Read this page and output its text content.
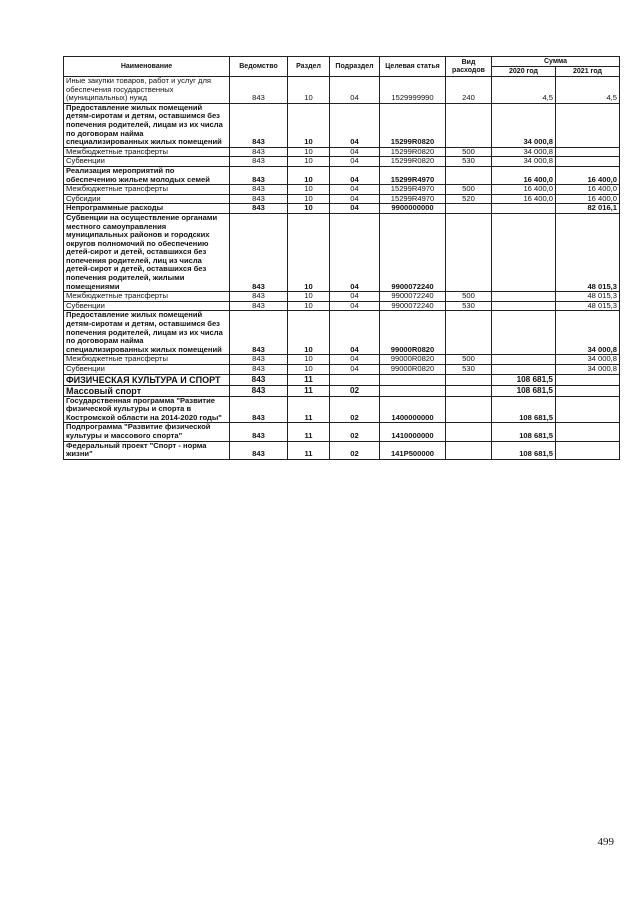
Наименование	Ведомство	Раздел	Подраздел	Целевая статья	Вид расходов	Сумма	
						2020 год	2021 год
Иные закупки товаров, работ и услуг для обеспечения государственных (муниципальных) нужд	843	10	04	1529999990	240	4,5	4,5
Предоставление жилых помещений детям-сиротам и детям, оставшимся без попечения родителей, лицам из их числа по договорам найма специализированных жилых помещений	843	10	04	15299R0820		34 000,8	
Межбюджетные трансферты	843	10	04	15299R0820	500	34 000,8	
Субвенции	843	10	04	15299R0820	530	34 000,8	
Реализация мероприятий по обеспечению жильем молодых семей	843	10	04	15299R4970		16 400,0	16 400,0
Межбюджетные трансферты	843	10	04	15299R4970	500	16 400,0	16 400,0
Субсидии	843	10	04	15299R4970	520	16 400,0	16 400,0
Непрограммные расходы	843	10	04	9900000000			82 016,1
Субвенции на осуществление органами местного самоуправления муниципальных районов и городских округов полномочий по обеспечению детей-сирот и детей, оставшихся без попечения родителей, лиц из числа детей-сирот и детей, оставшихся без попечения родителей, жилыми помещениями	843	10	04	9900072240			48 015,3
Межбюджетные трансферты	843	10	04	9900072240	500		48 015,3
Субвенции	843	10	04	9900072240	530		48 015,3
Предоставление жилых помещений детям-сиротам и детям, оставшимся без попечения родителей, лицам из их числа по договорам найма специализированных жилых помещений	843	10	04	99000R0820			34 000,8
Межбюджетные трансферты	843	10	04	99000R0820	500		34 000,8
Субвенции	843	10	04	99000R0820	530		34 000,8
ФИЗИЧЕСКАЯ КУЛЬТУРА И СПОРТ	843	11				108 681,5	
Массовый спорт	843	11	02			108 681,5	
Государственная программа "Развитие физической культуры и спорта в Костромской области на 2014-2020 годы"	843	11	02	1400000000		108 681,5	
Подпрограмма "Развитие физической культуры и массового спорта"	843	11	02	1410000000		108 681,5	
Федеральный проект "Спорт - норма жизни"	843	11	02	141P500000		108 681,5	
499
